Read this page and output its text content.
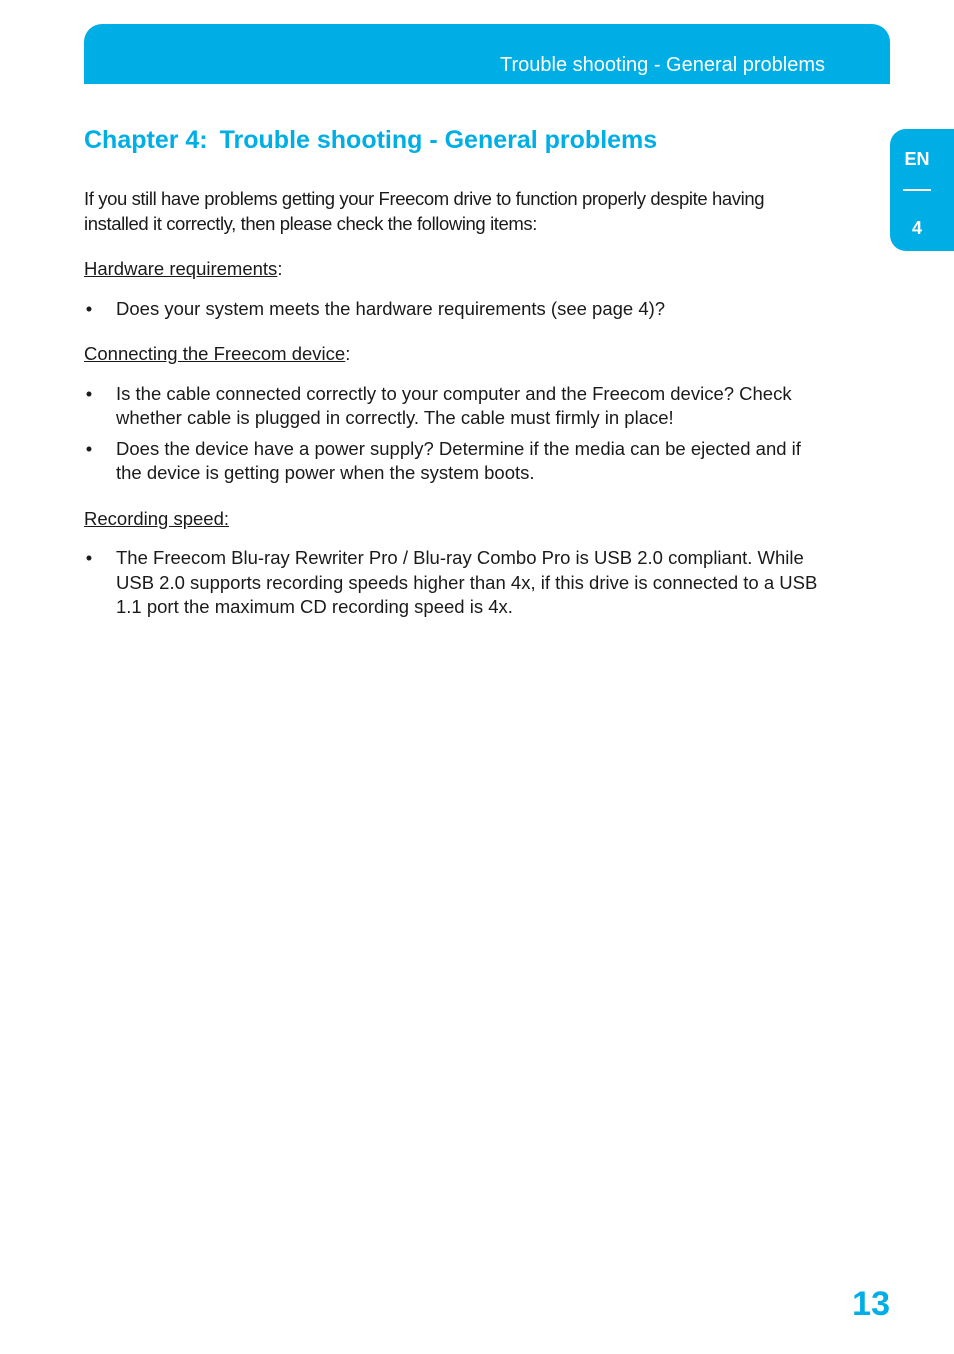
Trouble shooting - General problems
EN
4
Chapter 4: Trouble shooting - General problems

If you still have problems getting your Freecom drive to function properly despite having installed it correctly, then please check the following items:

Hardware requirements:

• Does your system meets the hardware requirements (see page 4)?

Connecting the Freecom device:

• Is the cable connected correctly to your computer and the Freecom device? Check whether cable is plugged in correctly. The cable must firmly in place!
• Does the device have a power supply? Determine if the media can be ejected and if the device is getting power when the system boots.

Recording speed:

• The Freecom Blu-ray Rewriter Pro / Blu-ray Combo Pro is USB 2.0 compliant. While USB 2.0 supports recording speeds higher than 4x, if this drive is connected to a USB 1.1 port the maximum CD recording speed is 4x.
13
